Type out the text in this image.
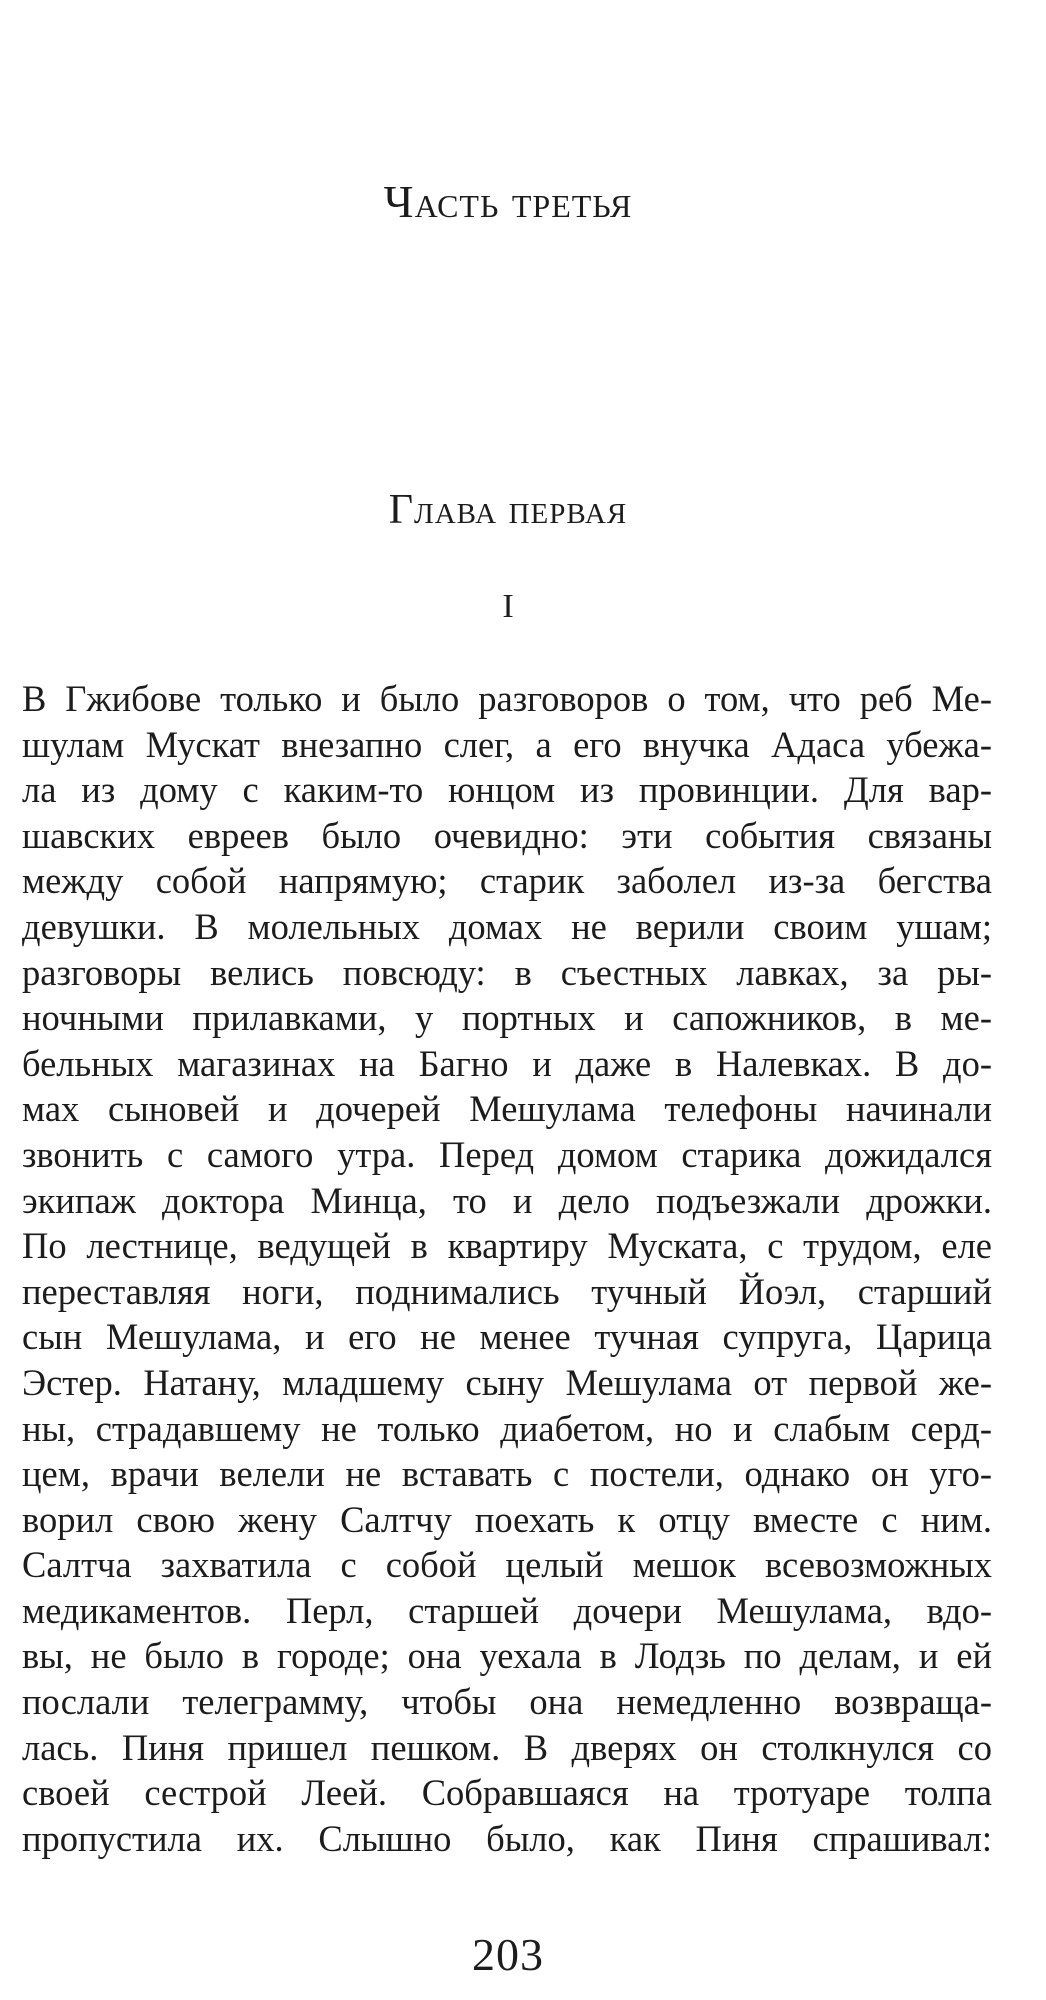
Часть третья
Глава первая
I
В Гжибове только и было разговоров о том, что реб Ме-
шулам Мускат внезапно слег, а его внучка Адаса убежа-
ла из дому с каким-то юнцом из провинции. Для вар-
шавских евреев было очевидно: эти события связаны
между собой напрямую; старик заболел из-за бегства
девушки. В молельных домах не верили своим ушам;
разговоры велись повсюду: в съестных лавках, за ры-
ночными прилавками, у портных и сапожников, в ме-
бельных магазинах на Багно и даже в Налевках. В до-
мах сыновей и дочерей Мешулама телефоны начинали
звонить с самого утра. Перед домом старика дожидался
экипаж доктора Минца, то и дело подъезжали дрожки.
По лестнице, ведущей в квартиру Муската, с трудом, еле
переставляя ноги, поднимались тучный Йоэл, старший
сын Мешулама, и его не менее тучная супруга, Царица
Эстер. Натану, младшему сыну Мешулама от первой же-
ны, страдавшему не только диабетом, но и слабым серд-
цем, врачи велели не вставать с постели, однако он уго-
ворил свою жену Салтчу поехать к отцу вместе с ним.
Салтча захватила с собой целый мешок всевозможных
медикаментов. Перл, старшей дочери Мешулама, вдо-
вы, не было в городе; она уехала в Лодзь по делам, и ей
послали телеграмму, чтобы она немедленно возвраща-
лась. Пиня пришел пешком. В дверях он столкнулся со
своей сестрой Леей. Собравшаяся на тротуаре толпа
пропустила их. Слышно было, как Пиня спрашивал:
203
